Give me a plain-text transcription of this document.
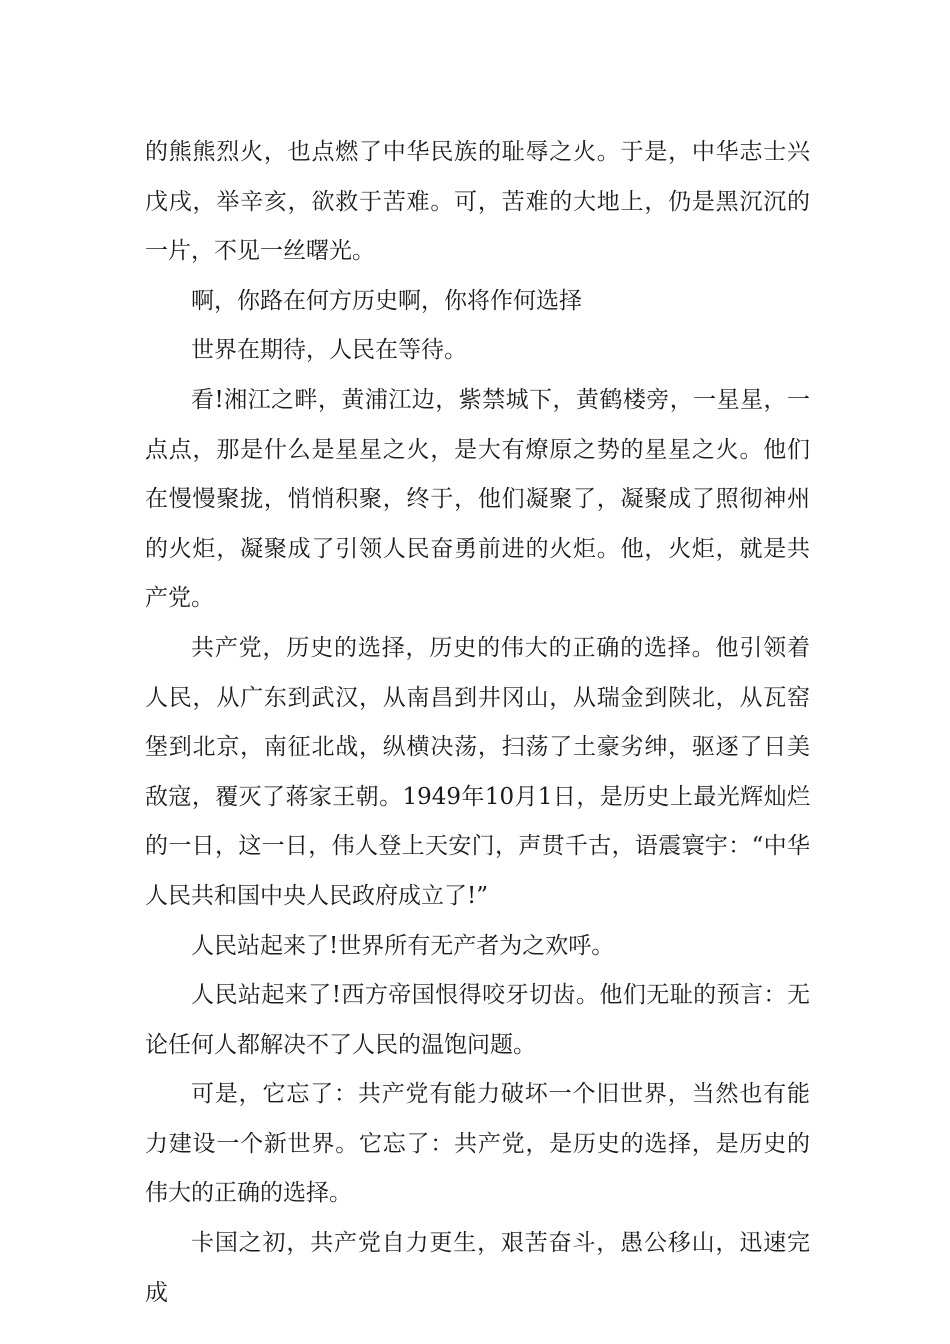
的熊熊烈火，也点燃了中华民族的耻辱之火。于是，中华志士兴戊戌，举辛亥，欲救于苦难。可，苦难的大地上，仍是黑沉沉的一片，不见一丝曙光。

啊，你路在何方历史啊，你将作何选择

世界在期待，人民在等待。

看!湘江之畔，黄浦江边，紫禁城下，黄鹤楼旁，一星星，一点点，那是什么是星星之火，是大有燎原之势的星星之火。他们在慢慢聚拢，悄悄积聚，终于，他们凝聚了，凝聚成了照彻神州的火炬，凝聚成了引领人民奋勇前进的火炬。他，火炬，就是共产党。

共产党，历史的选择，历史的伟大的正确的选择。他引领着人民，从广东到武汉，从南昌到井冈山，从瑞金到陕北，从瓦窑堡到北京，南征北战，纵横决荡，扫荡了土豪劣绅，驱逐了日美敌寇，覆灭了蒋家王朝。1949年10月1日，是历史上最光辉灿烂的一日，这一日，伟人登上天安门，声贯千古，语震寰宇：“中华人民共和国中央人民政府成立了!”

人民站起来了!世界所有无产者为之欢呼。

人民站起来了!西方帝国恨得咬牙切齿。他们无耻的预言：无论任何人都解决不了人民的温饱问题。

可是，它忘了：共产党有能力破坏一个旧世界，当然也有能力建设一个新世界。它忘了：共产党，是历史的选择，是历史的伟大的正确的选择。

卡国之初，共产党自力更生，艰苦奋斗，愚公移山，迅速完成
